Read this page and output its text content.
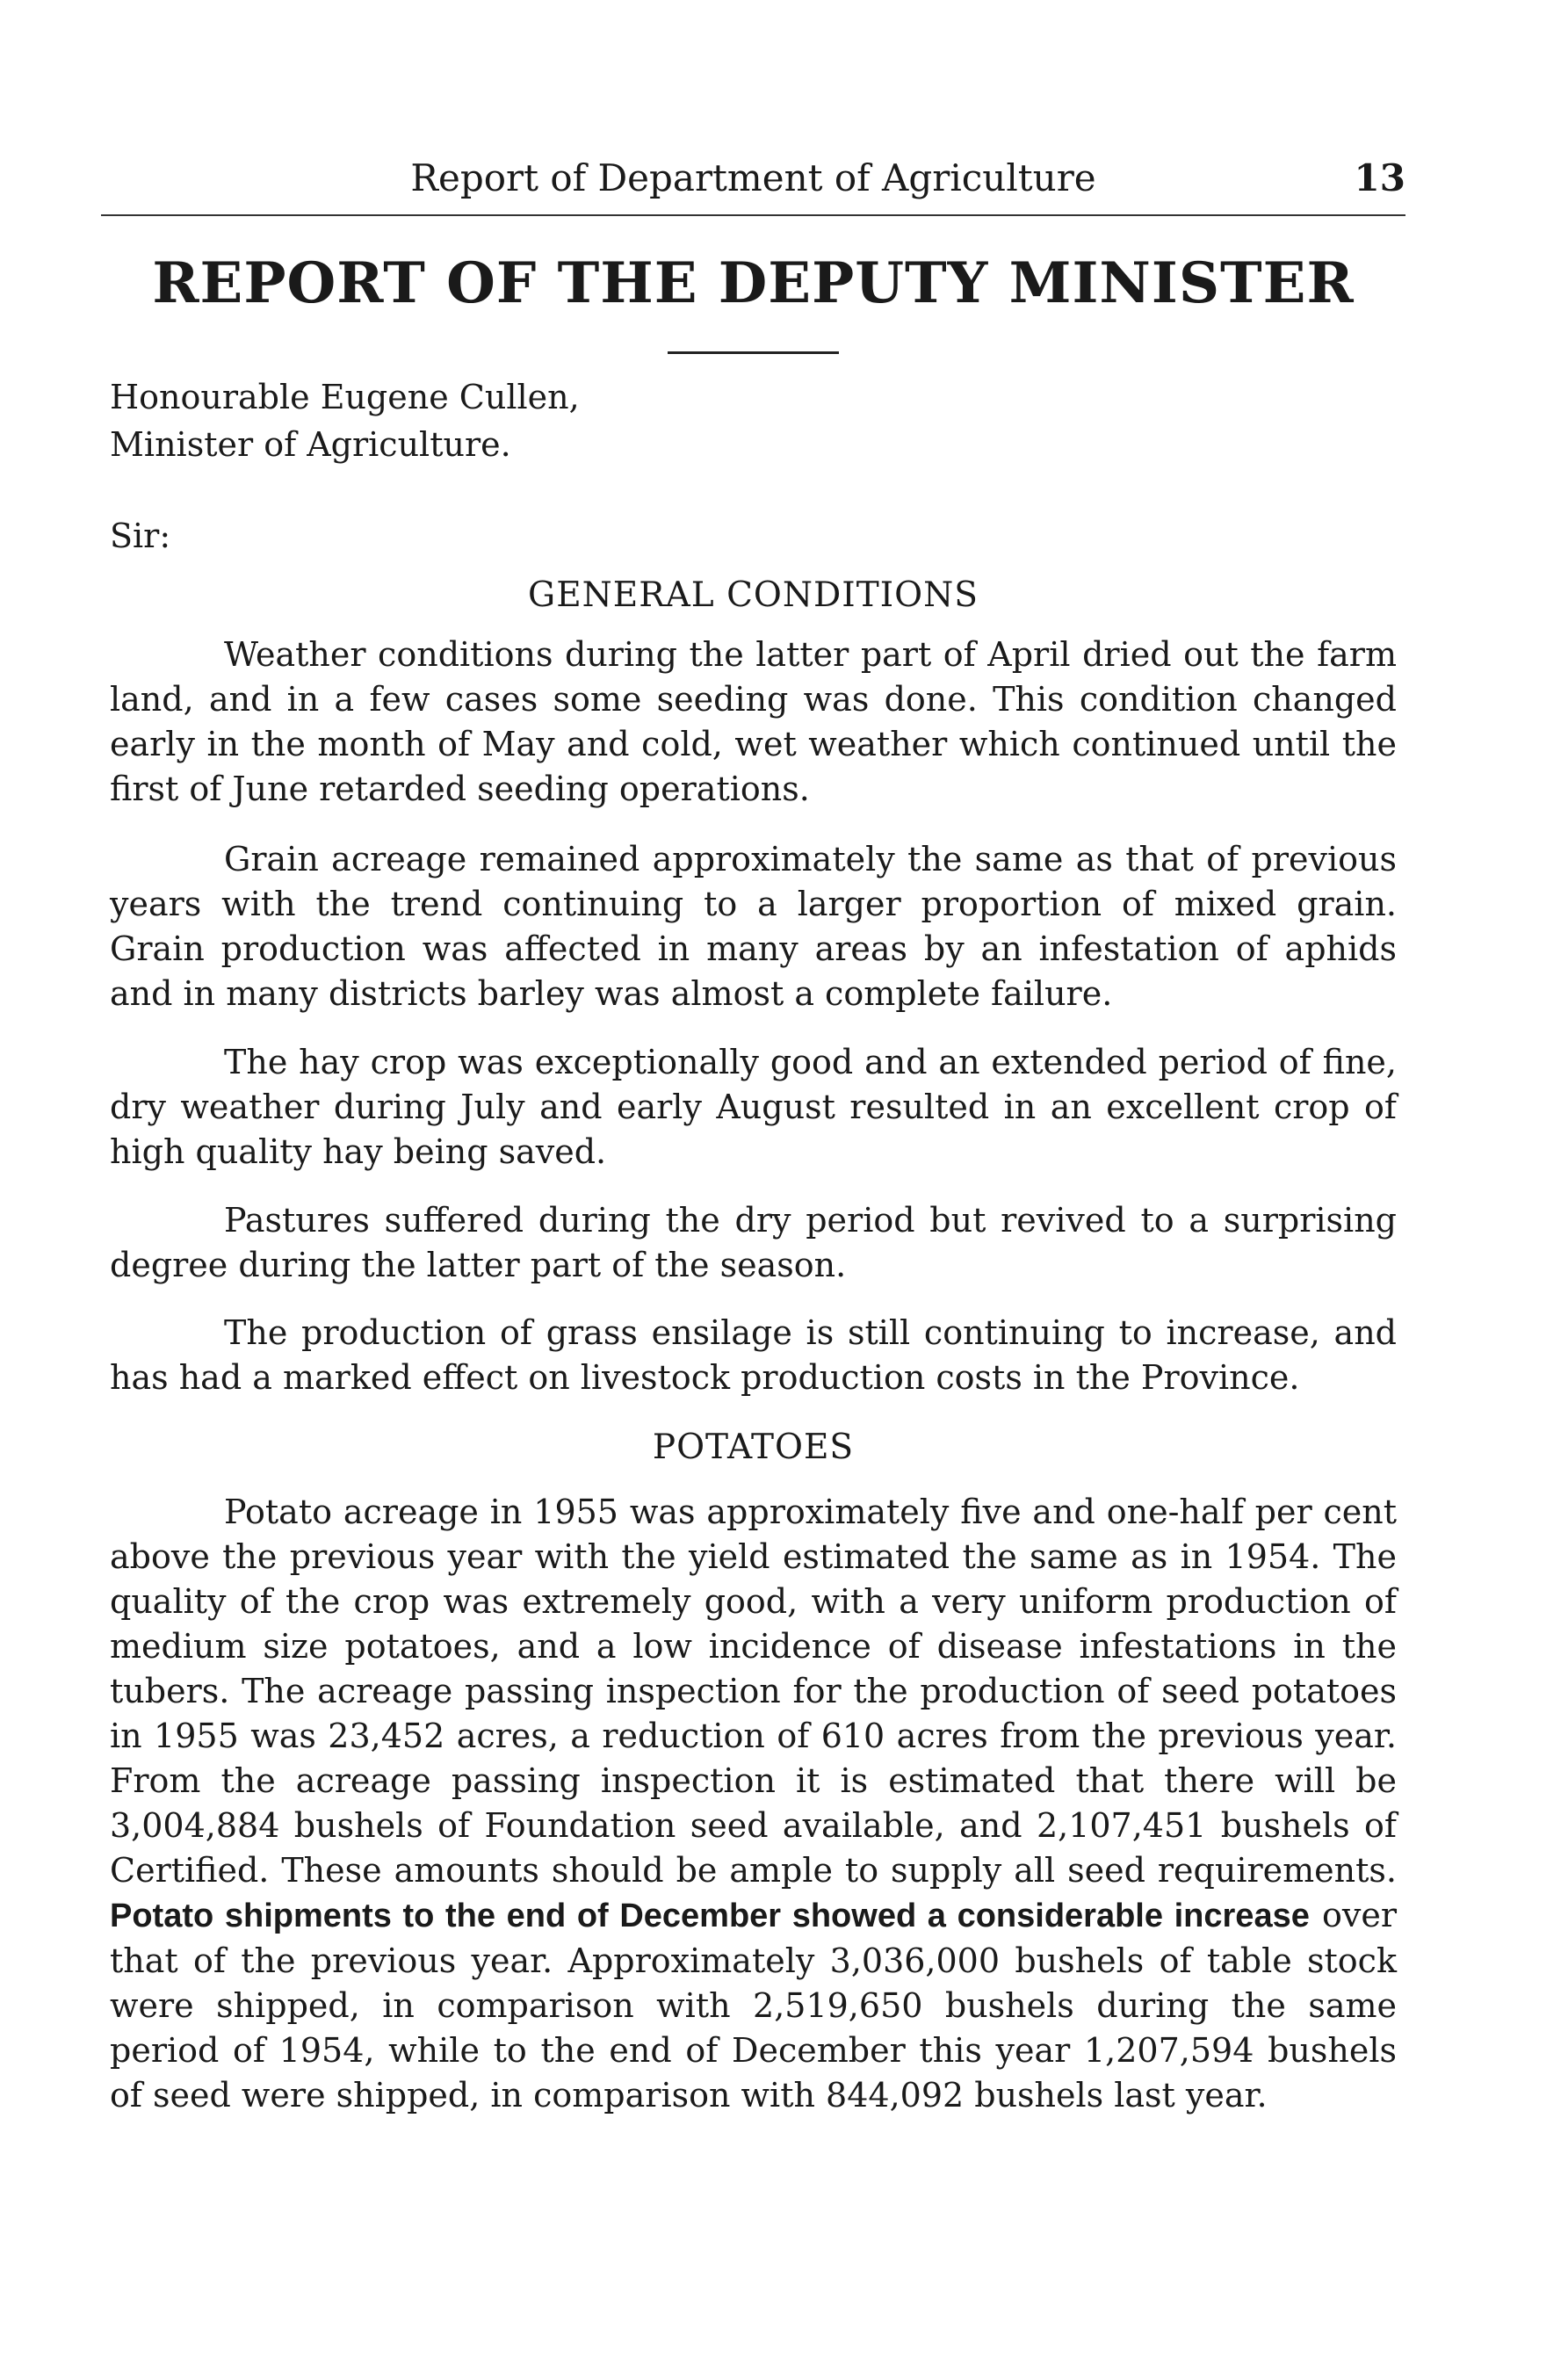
Report of Department of Agriculture	13
REPORT OF THE DEPUTY MINISTER
Honourable Eugene Cullen,
Minister of Agriculture.
Sir:
GENERAL CONDITIONS

Weather conditions during the latter part of April dried out the farm land, and in a few cases some seeding was done. This condition changed early in the month of May and cold, wet weather which continued until the first of June retarded seeding operations.

Grain acreage remained approximately the same as that of previous years with the trend continuing to a larger proportion of mixed grain. Grain production was affected in many areas by an infestation of aphids and in many districts barley was almost a complete failure.

The hay crop was exceptionally good and an extended period of fine, dry weather during July and early August resulted in an excellent crop of high quality hay being saved.

Pastures suffered during the dry period but revived to a surprising degree during the latter part of the season.

The production of grass ensilage is still continuing to increase, and has had a marked effect on livestock production costs in the Province.

POTATOES

Potato acreage in 1955 was approximately five and one-half per cent above the previous year with the yield estimated the same as in 1954. The quality of the crop was extremely good, with a very uniform production of medium size potatoes, and a low incidence of disease infestations in the tubers. The acreage passing inspection for the production of seed potatoes in 1955 was 23,452 acres, a reduction of 610 acres from the previous year. From the acreage passing inspection it is estimated that there will be 3,004,884 bushels of Foundation seed available, and 2,107,451 bushels of Certified. These amounts should be ample to supply all seed requirements. Potato shipments to the end of December showed a considerable increase over that of the previous year. Approximately 3,036,000 bushels of table stock were shipped, in comparison with 2,519,650 bushels during the same period of 1954, while to the end of December this year 1,207,594 bushels of seed were shipped, in comparison with 844,092 bushels last year.
